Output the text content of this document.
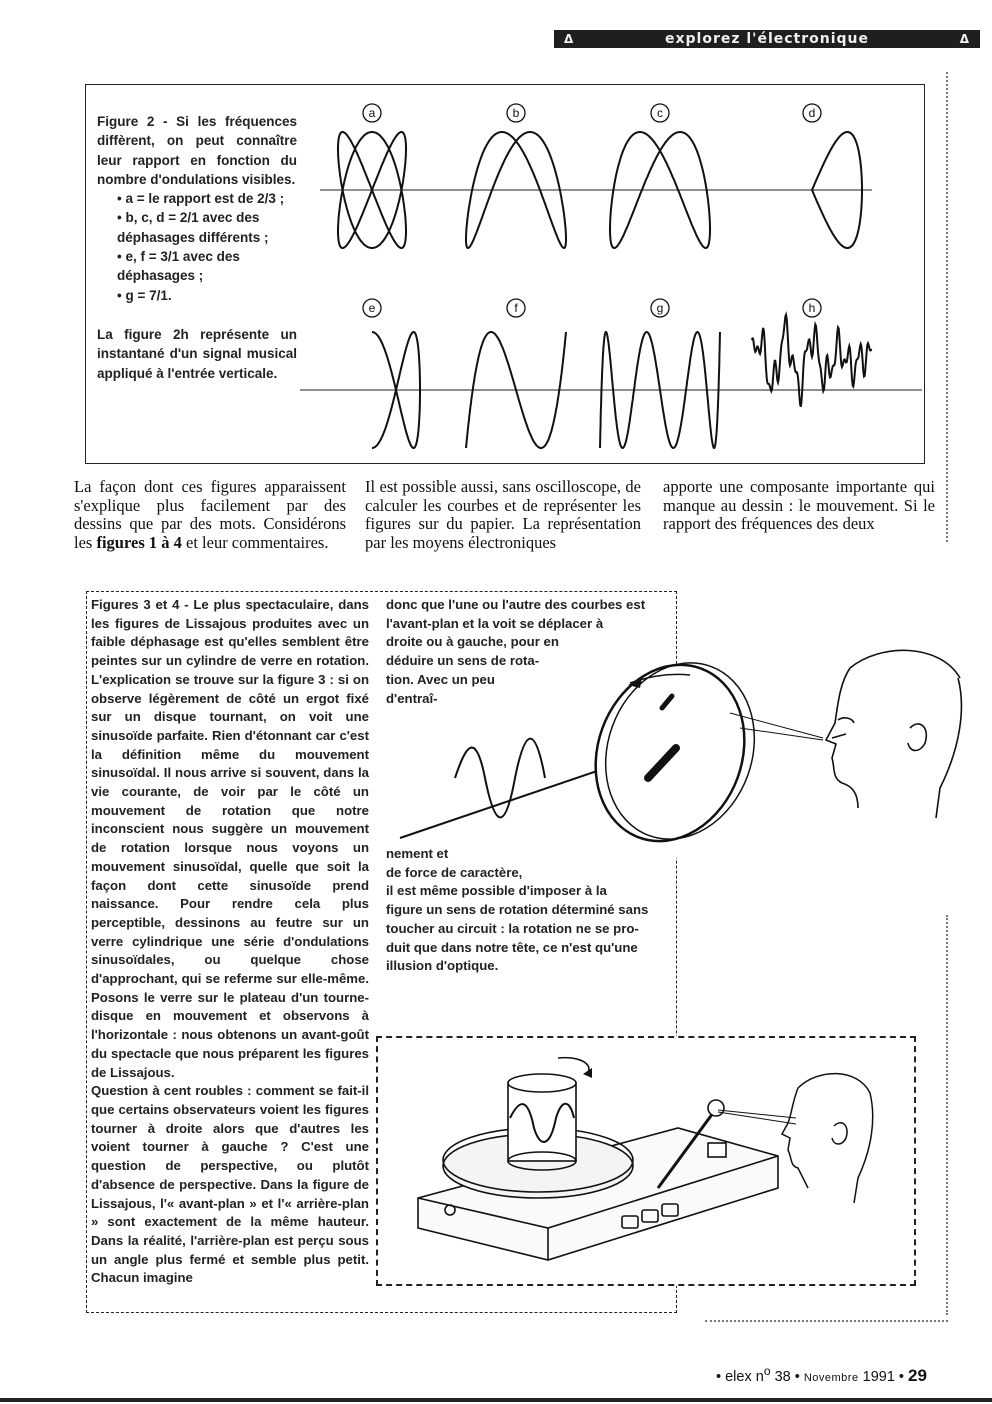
Δ	explorez l'électronique	Δ

Figure 2 - Si les fréquences diffèrent, on peut connaître leur rapport en fonction du nombre d'ondulations visibles.

• a = le rapport est de 2/3 ;

• b, c, d = 2/1 avec des déphasages différents ;

• e, f = 3/1 avec des déphasages ;

• g = 7/1.

La figure 2h représente un instantané d'un signal musical appliqué à l'entrée verticale.

a	b	c	d
e	f	g	h
La façon dont ces figures apparaissent s'explique plus facilement par des dessins que par des mots. Considérons les figures 1 à 4 et leur commentaires.
Il est possible aussi, sans oscilloscope, de calculer les courbes et de représenter les figures sur du papier. La représentation par les moyens électroniques
apporte une composante importante qui manque au dessin : le mouvement. Si le rapport des fréquences des deux

Figures 3 et 4 - Le plus spectaculaire, dans les figures de Lissajous produites avec un faible déphasage est qu'elles semblent être peintes sur un cylindre de verre en rotation. L'explication se trouve sur la figure 3 : si on observe légèrement de côté un ergot fixé sur un disque tournant, on voit une sinusoïde parfaite. Rien d'étonnant car c'est la définition même du mouvement sinusoïdal. Il nous arrive si souvent, dans la vie courante, de voir par le côté un mouvement de rotation que notre inconscient nous suggère un mouvement de rotation lorsque nous voyons un mouvement sinusoïdal, quelle que soit la façon dont cette sinusoïde prend naissance. Pour rendre cela plus perceptible, dessinons au feutre sur un verre cylindrique une série d'ondulations sinusoïdales, ou quelque chose d'approchant, qui se referme sur elle-même. Posons le verre sur le plateau d'un tourne-disque en mouvement et observons à l'horizontale : nous obtenons un avant-goût du spectacle que nous préparent les figures de Lissajous.

Question à cent roubles : comment se fait-il que certains observateurs voient les figures tourner à droite alors que d'autres les voient tourner à gauche ? C'est une question de perspective, ou plutôt d'absence de perspective. Dans la figure de Lissajous, l'« avant-plan » et l'« arrière-plan » sont exactement de la même hauteur. Dans la réalité, l'arrière-plan est perçu sous un angle plus fermé et semble plus petit. Chacun imagine

donc que l'une ou l'autre des courbes est
l'avant-plan et la voit se déplacer à
droite ou à gauche, pour en
déduire un sens de rota-
tion. Avec un peu
d'entraî-
nement et
de force de caractère,
il est même possible d'imposer à la
figure un sens de rotation déterminé sans
toucher au circuit : la rotation ne se pro-
duit que dans notre tête, ce n'est qu'une
illusion d'optique.
• elex $n^o$ 38 • Novembre 1991 • 29
